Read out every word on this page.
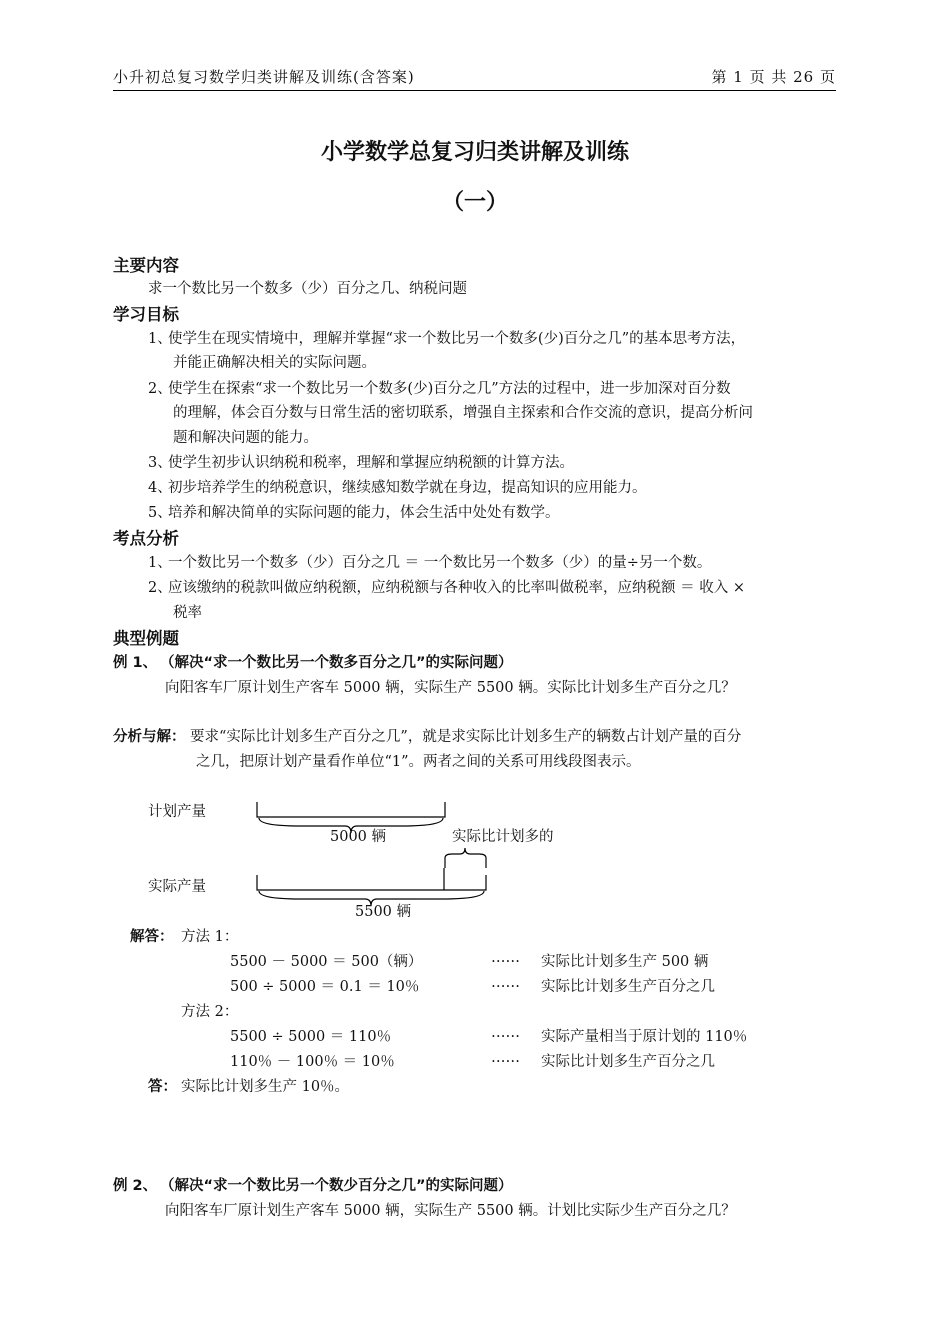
小升初总复习数学归类讲解及训练(含答案)	第 1 页 共 26 页
小学数学总复习归类讲解及训练
（一）
主要内容
求一个数比另一个数多（少）百分之几、纳税问题
学习目标
1、
使学生在现实情境中，理解并掌握“求一个数比另一个数多(少)百分之几”的基本思考方法，
并能正确解决相关的实际问题。
2、
使学生在探索“求一个数比另一个数多(少)百分之几”方法的过程中，进一步加深对百分数
的理解，体会百分数与日常生活的密切联系，增强自主探索和合作交流的意识，提高分析问
题和解决问题的能力。
3、
使学生初步认识纳税和税率，理解和掌握应纳税额的计算方法。
4、
初步培养学生的纳税意识，继续感知数学就在身边，提高知识的应用能力。
5、
培养和解决简单的实际问题的能力，体会生活中处处有数学。
考点分析
1、
一个数比另一个数多（少）百分之几 ＝ 一个数比另一个数多（少）的量÷另一个数。
2、
应该缴纳的税款叫做应纳税额，应纳税额与各种收入的比率叫做税率，应纳税额 ＝ 收入 ×
税率
典型例题
例 1、 （解决“求一个数比另一个数多百分之几”的实际问题）
向阳客车厂原计划生产客车 5000 辆，实际生产 5500 辆。实际比计划多生产百分之几？
分析与解： 要求“实际比计划多生产百分之几”，就是求实际比计划多生产的辆数占计划产量的百分
之几，把原计划产量看作单位“1”。两者之间的关系可用线段图表示。
计划产量
5000 辆	实际比计划多的
实际产量
5500 辆
解答： 方法 1：
5500 － 5000 ＝ 500（辆）	…… 实际比计划多生产 500 辆
500 ÷ 5000 ＝ 0.1 ＝ 10％	…… 实际比计划多生产百分之几
方法 2：
5500 ÷ 5000 ＝ 110％	…… 实际产量相当于原计划的 110％
110％ － 100％ ＝ 10％	…… 实际比计划多生产百分之几
答： 实际比计划多生产 10％。
例 2、 （解决“求一个数比另一个数少百分之几”的实际问题）
向阳客车厂原计划生产客车 5000 辆，实际生产 5500 辆。计划比实际少生产百分之几？
